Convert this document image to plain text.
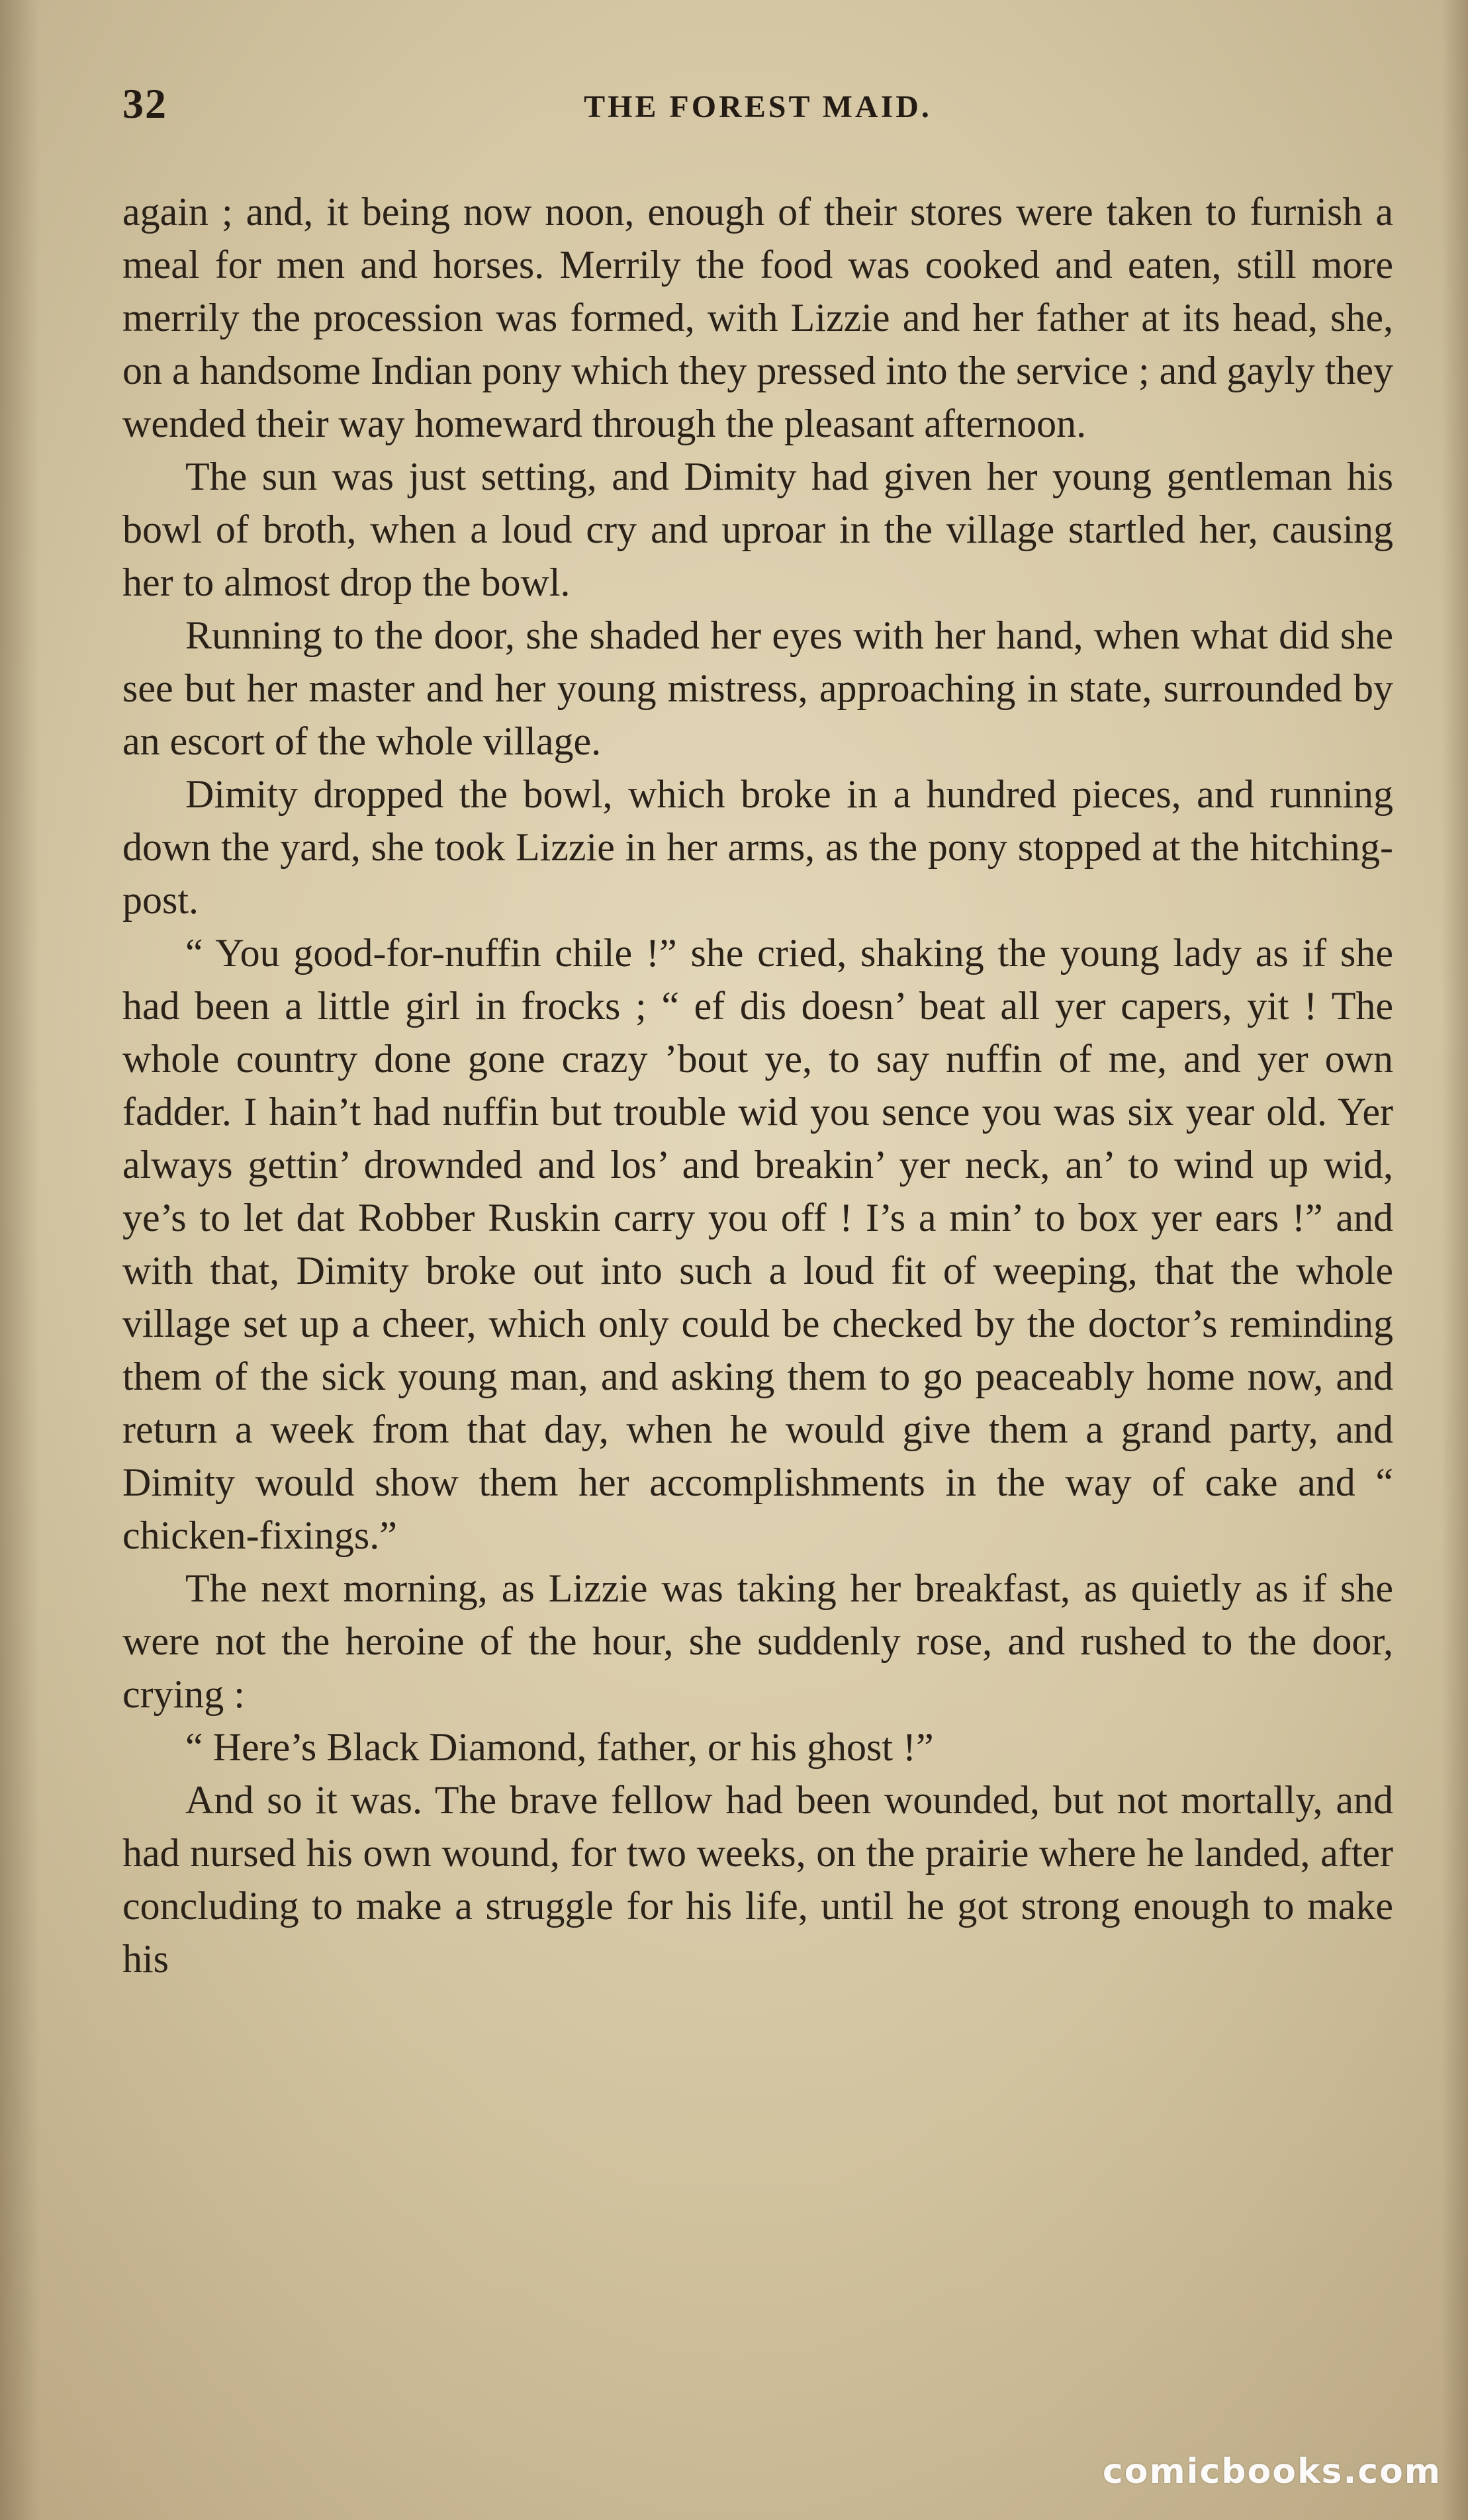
32	THE FOREST MAID.

again ; and, it being now noon, enough of their stores were taken to furnish a meal for men and horses. Merrily the food was cooked and eaten, still more merrily the procession was formed, with Lizzie and her father at its head, she, on a handsome Indian pony which they pressed into the service ; and gayly they wended their way homeward through the pleasant afternoon.

The sun was just setting, and Dimity had given her young gentleman his bowl of broth, when a loud cry and uproar in the village startled her, causing her to almost drop the bowl.

Running to the door, she shaded her eyes with her hand, when what did she see but her master and her young mistress, approaching in state, surrounded by an escort of the whole village.

Dimity dropped the bowl, which broke in a hundred pieces, and running down the yard, she took Lizzie in her arms, as the pony stopped at the hitching-post.

“ You good-for-nuffin chile !” she cried, shaking the young lady as if she had been a little girl in frocks ; “ ef dis doesn’ beat all yer capers, yit ! The whole country done gone crazy ’bout ye, to say nuffin of me, and yer own fadder. I hain’t had nuffin but trouble wid you sence you was six year old. Yer always gettin’ drownded and los’ and breakin’ yer neck, an’ to wind up wid, ye’s to let dat Robber Ruskin carry you off ! I’s a min’ to box yer ears !” and with that, Dimity broke out into such a loud fit of weeping, that the whole village set up a cheer, which only could be checked by the doctor’s reminding them of the sick young man, and asking them to go peaceably home now, and return a week from that day, when he would give them a grand party, and Dimity would show them her accomplishments in the way of cake and “ chicken-fixings.”

The next morning, as Lizzie was taking her breakfast, as quietly as if she were not the heroine of the hour, she suddenly rose, and rushed to the door, crying :

“ Here’s Black Diamond, father, or his ghost !”

And so it was. The brave fellow had been wounded, but not mortally, and had nursed his own wound, for two weeks, on the prairie where he landed, after concluding to make a struggle for his life, until he got strong enough to make his

comicbooks.com
